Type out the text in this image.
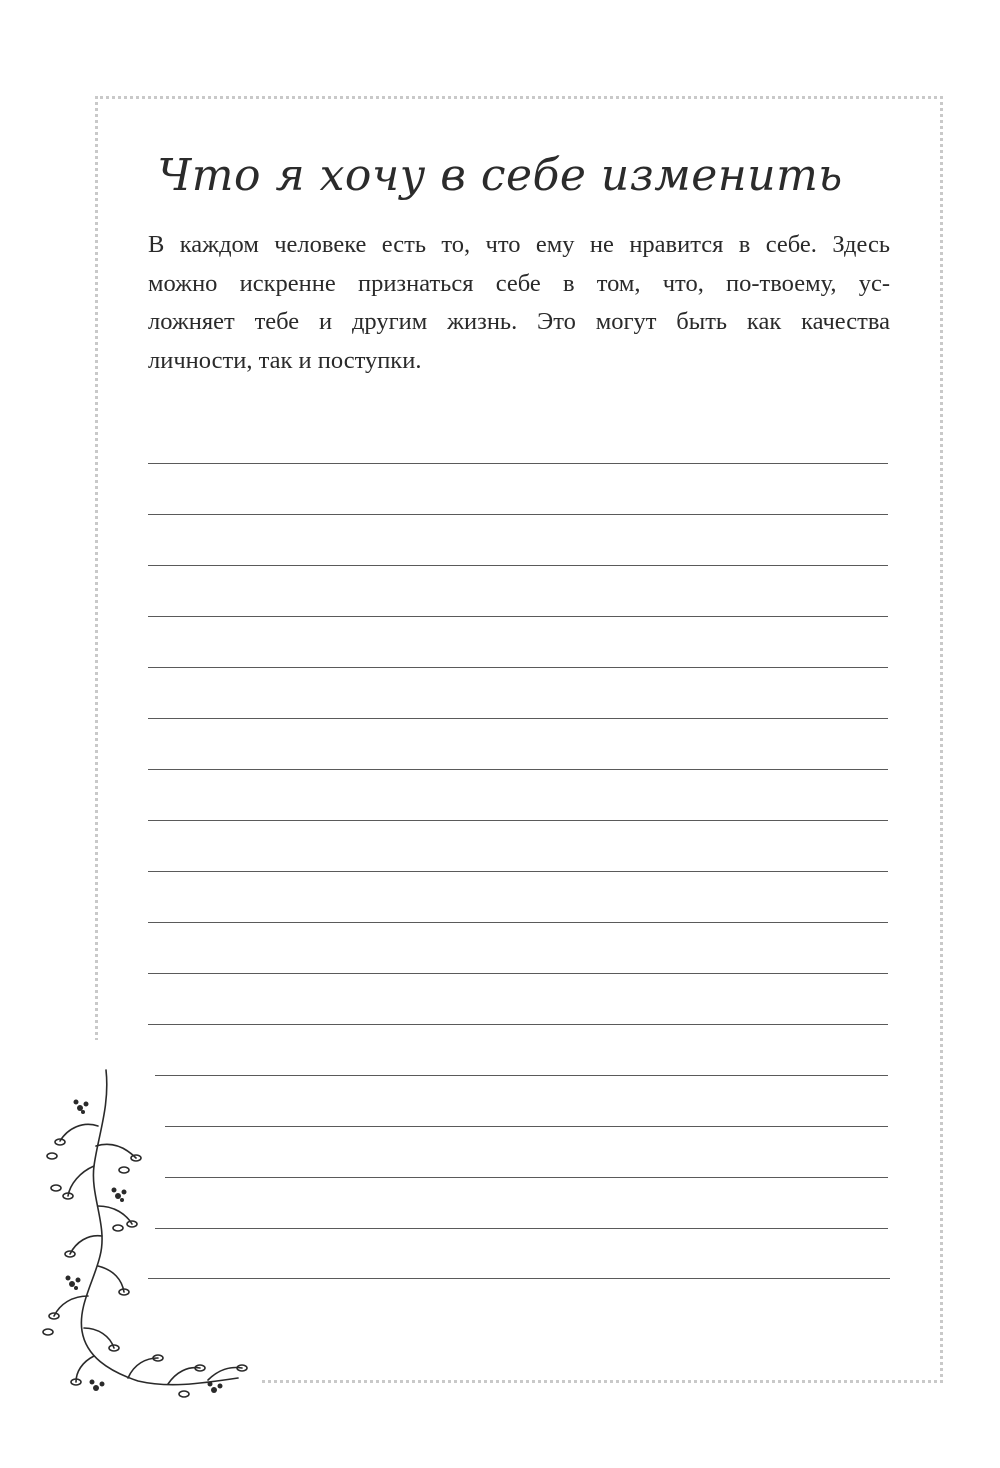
Что я хочу в себе изменить
В каждом человеке есть то, что ему не нравится в себе. Здесь
можно искренне признаться себе в том, что, по-твоему, ус-
ложняет тебе и другим жизнь. Это могут быть как качества
личности, так и поступки.
